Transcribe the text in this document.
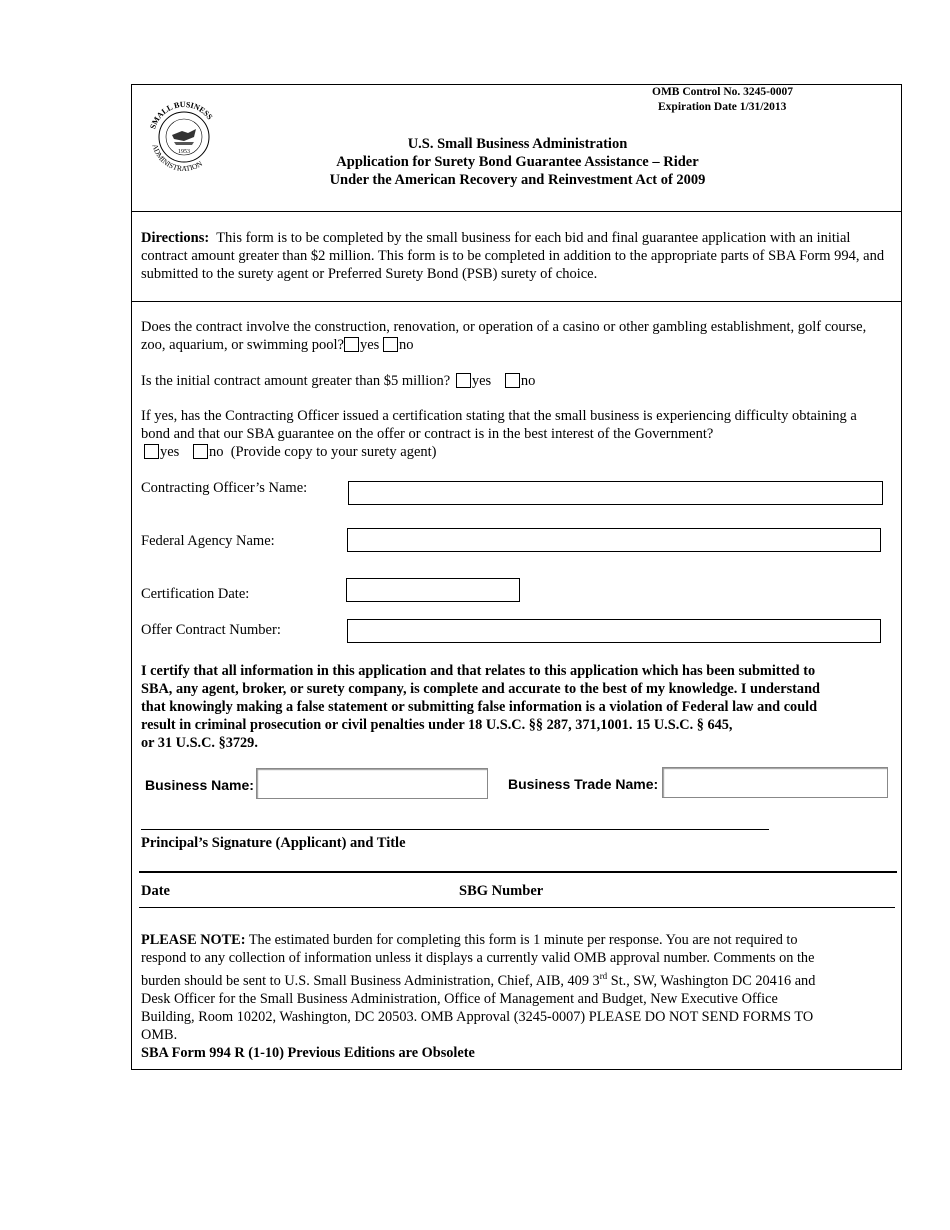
SMALL BUSINESS
ADMINISTRATION
1953
OMB Control No. 3245-0007
Expiration Date 1/31/2013
U.S. Small Business Administration
Application for Surety Bond Guarantee Assistance – Rider
Under the American Recovery and Reinvestment Act of 2009
Directions: This form is to be completed by the small business for each bid and final guarantee application with an initial contract amount greater than $2 million. This form is to be completed in addition to the appropriate parts of SBA Form 994, and submitted to the surety agent or Preferred Surety Bond (PSB) surety of choice.
Does the contract involve the construction, renovation, or operation of a casino or other gambling establishment, golf course, zoo, aquarium, or swimming pool? yes no
Is the initial contract amount greater than $5 million? yes no
If yes, has the Contracting Officer issued a certification stating that the small business is experiencing difficulty obtaining a bond and that our SBA guarantee on the offer or contract is in the best interest of the Government?
yes no (Provide copy to your surety agent)
Contracting Officer’s Name:
Federal Agency Name:
Certification Date:
Offer Contract Number:
I certify that all information in this application and that relates to this application which has been submitted to
SBA, any agent, broker, or surety company, is complete and accurate to the best of my knowledge. I understand
that knowingly making a false statement or submitting false information is a violation of Federal law and could
result in criminal prosecution or civil penalties under 18 U.S.C. §§ 287, 371,1001. 15 U.S.C. § 645,
or 31 U.S.C. §3729.
Business Name:	Business Trade Name:
Principal’s Signature (Applicant) and Title
Date	SBG Number
PLEASE NOTE: The estimated burden for completing this form is 1 minute per response. You are not required to
respond to any collection of information unless it displays a currently valid OMB approval number. Comments on the
burden should be sent to U.S. Small Business Administration, Chief, AIB, 409 3rd St., SW, Washington DC 20416 and
Desk Officer for the Small Business Administration, Office of Management and Budget, New Executive Office
Building, Room 10202, Washington, DC 20503. OMB Approval (3245-0007) PLEASE DO NOT SEND FORMS TO
OMB.
SBA Form 994 R (1-10) Previous Editions are Obsolete
